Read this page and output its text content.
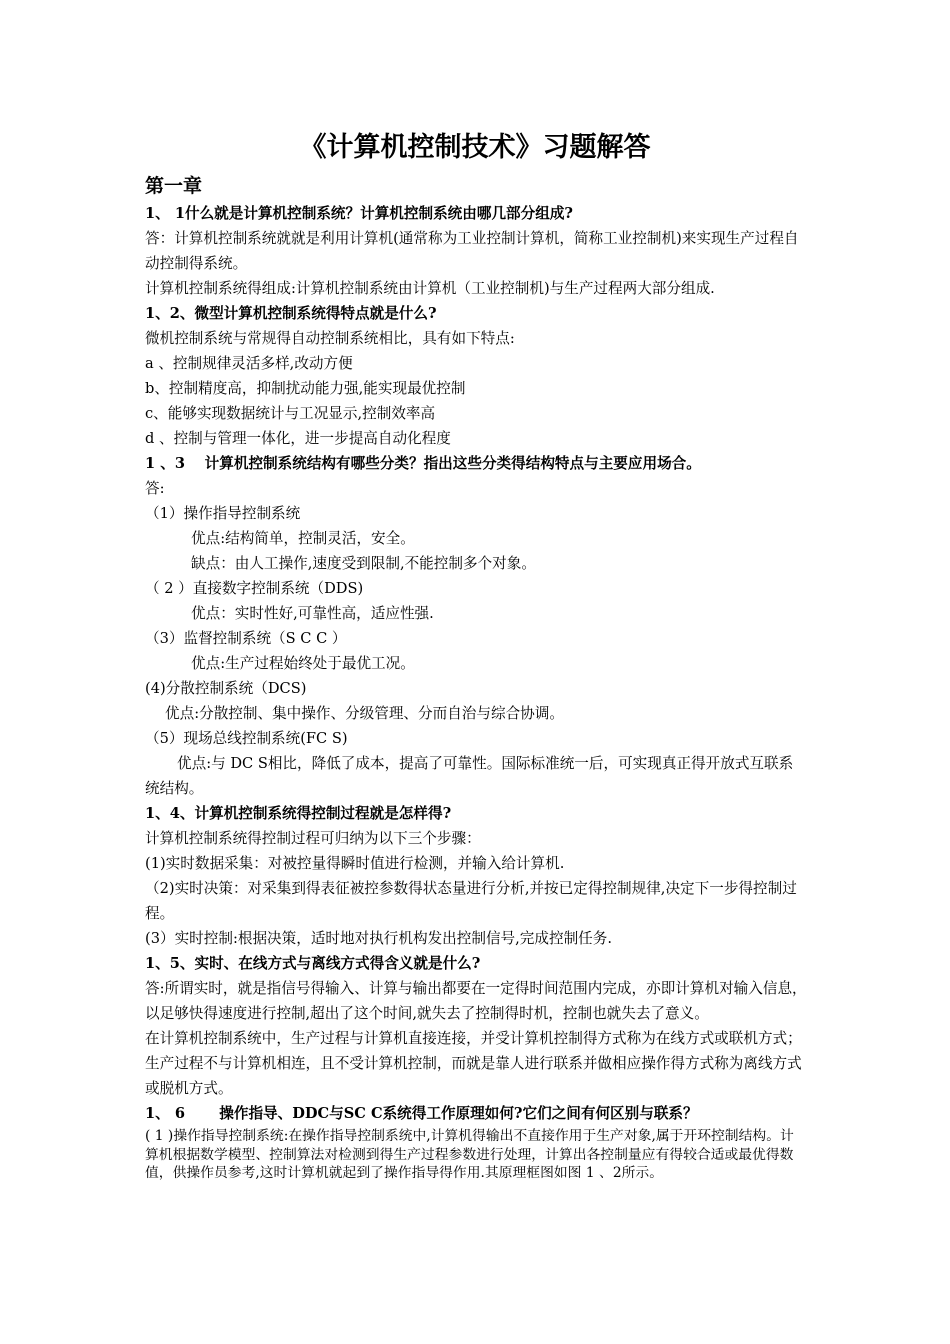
《计算机控制技术》习题解答

第一章

1、 1什么就是计算机控制系统？计算机控制系统由哪几部分组成?

答：计算机控制系统就就是利用计算机(通常称为工业控制计算机，简称工业控制机)来实现生产过程自动控制得系统。

计算机控制系统得组成:计算机控制系统由计算机（工业控制机)与生产过程两大部分组成.

1、2、微型计算机控制系统得特点就是什么?

微机控制系统与常规得自动控制系统相比，具有如下特点:

a 、控制规律灵活多样,改动方便

b、控制精度高，抑制扰动能力强,能实现最优控制

c、能够实现数据统计与工况显示,控制效率高

d 、控制与管理一体化，进一步提高自动化程度

1 、3　 计算机控制系统结构有哪些分类？指出这些分类得结构特点与主要应用场合。

答:

（1）操作指导控制系统

优点:结构简单，控制灵活，安全。

缺点：由人工操作,速度受到限制,不能控制多个对象。

（ 2 ）直接数字控制系统（DDS)

优点：实时性好,可靠性高，适应性强.

（3）监督控制系统（S C C ）

优点:生产过程始终处于最优工况。

(4)分散控制系统（DCS)

优点:分散控制、集中操作、分级管理、分而自治与综合协调。

（5）现场总线控制系统(FC S)

优点:与 DC S相比，降低了成本，提高了可靠性。国际标准统一后，可实现真正得开放式互联系统结构。

1、4、计算机控制系统得控制过程就是怎样得?

计算机控制系统得控制过程可归纳为以下三个步骤：

(1)实时数据采集：对被控量得瞬时值进行检测，并输入给计算机.

（2)实时决策：对采集到得表征被控参数得状态量进行分析,并按已定得控制规律,决定下一步得控制过程。

(3）实时控制:根据决策，适时地对执行机构发出控制信号,完成控制任务.

1、5、实时、在线方式与离线方式得含义就是什么?

答:所谓实时，就是指信号得输入、计算与输出都要在一定得时间范围内完成，亦即计算机对输入信息，以足够快得速度进行控制,超出了这个时间,就失去了控制得时机，控制也就失去了意义。

在计算机控制系统中，生产过程与计算机直接连接，并受计算机控制得方式称为在线方式或联机方式；生产过程不与计算机相连，且不受计算机控制，而就是靠人进行联系并做相应操作得方式称为离线方式或脱机方式。

1、 6　　 操作指导、DDC与SC C系统得工作原理如何?它们之间有何区别与联系？

( 1 )操作指导控制系统:在操作指导控制系统中,计算机得输出不直接作用于生产对象,属于开环控制结构。计算机根据数学模型、控制算法对检测到得生产过程参数进行处理，计算出各控制量应有得较合适或最优得数值，供操作员参考,这时计算机就起到了操作指导得作用.其原理框图如图 1 、2所示。
